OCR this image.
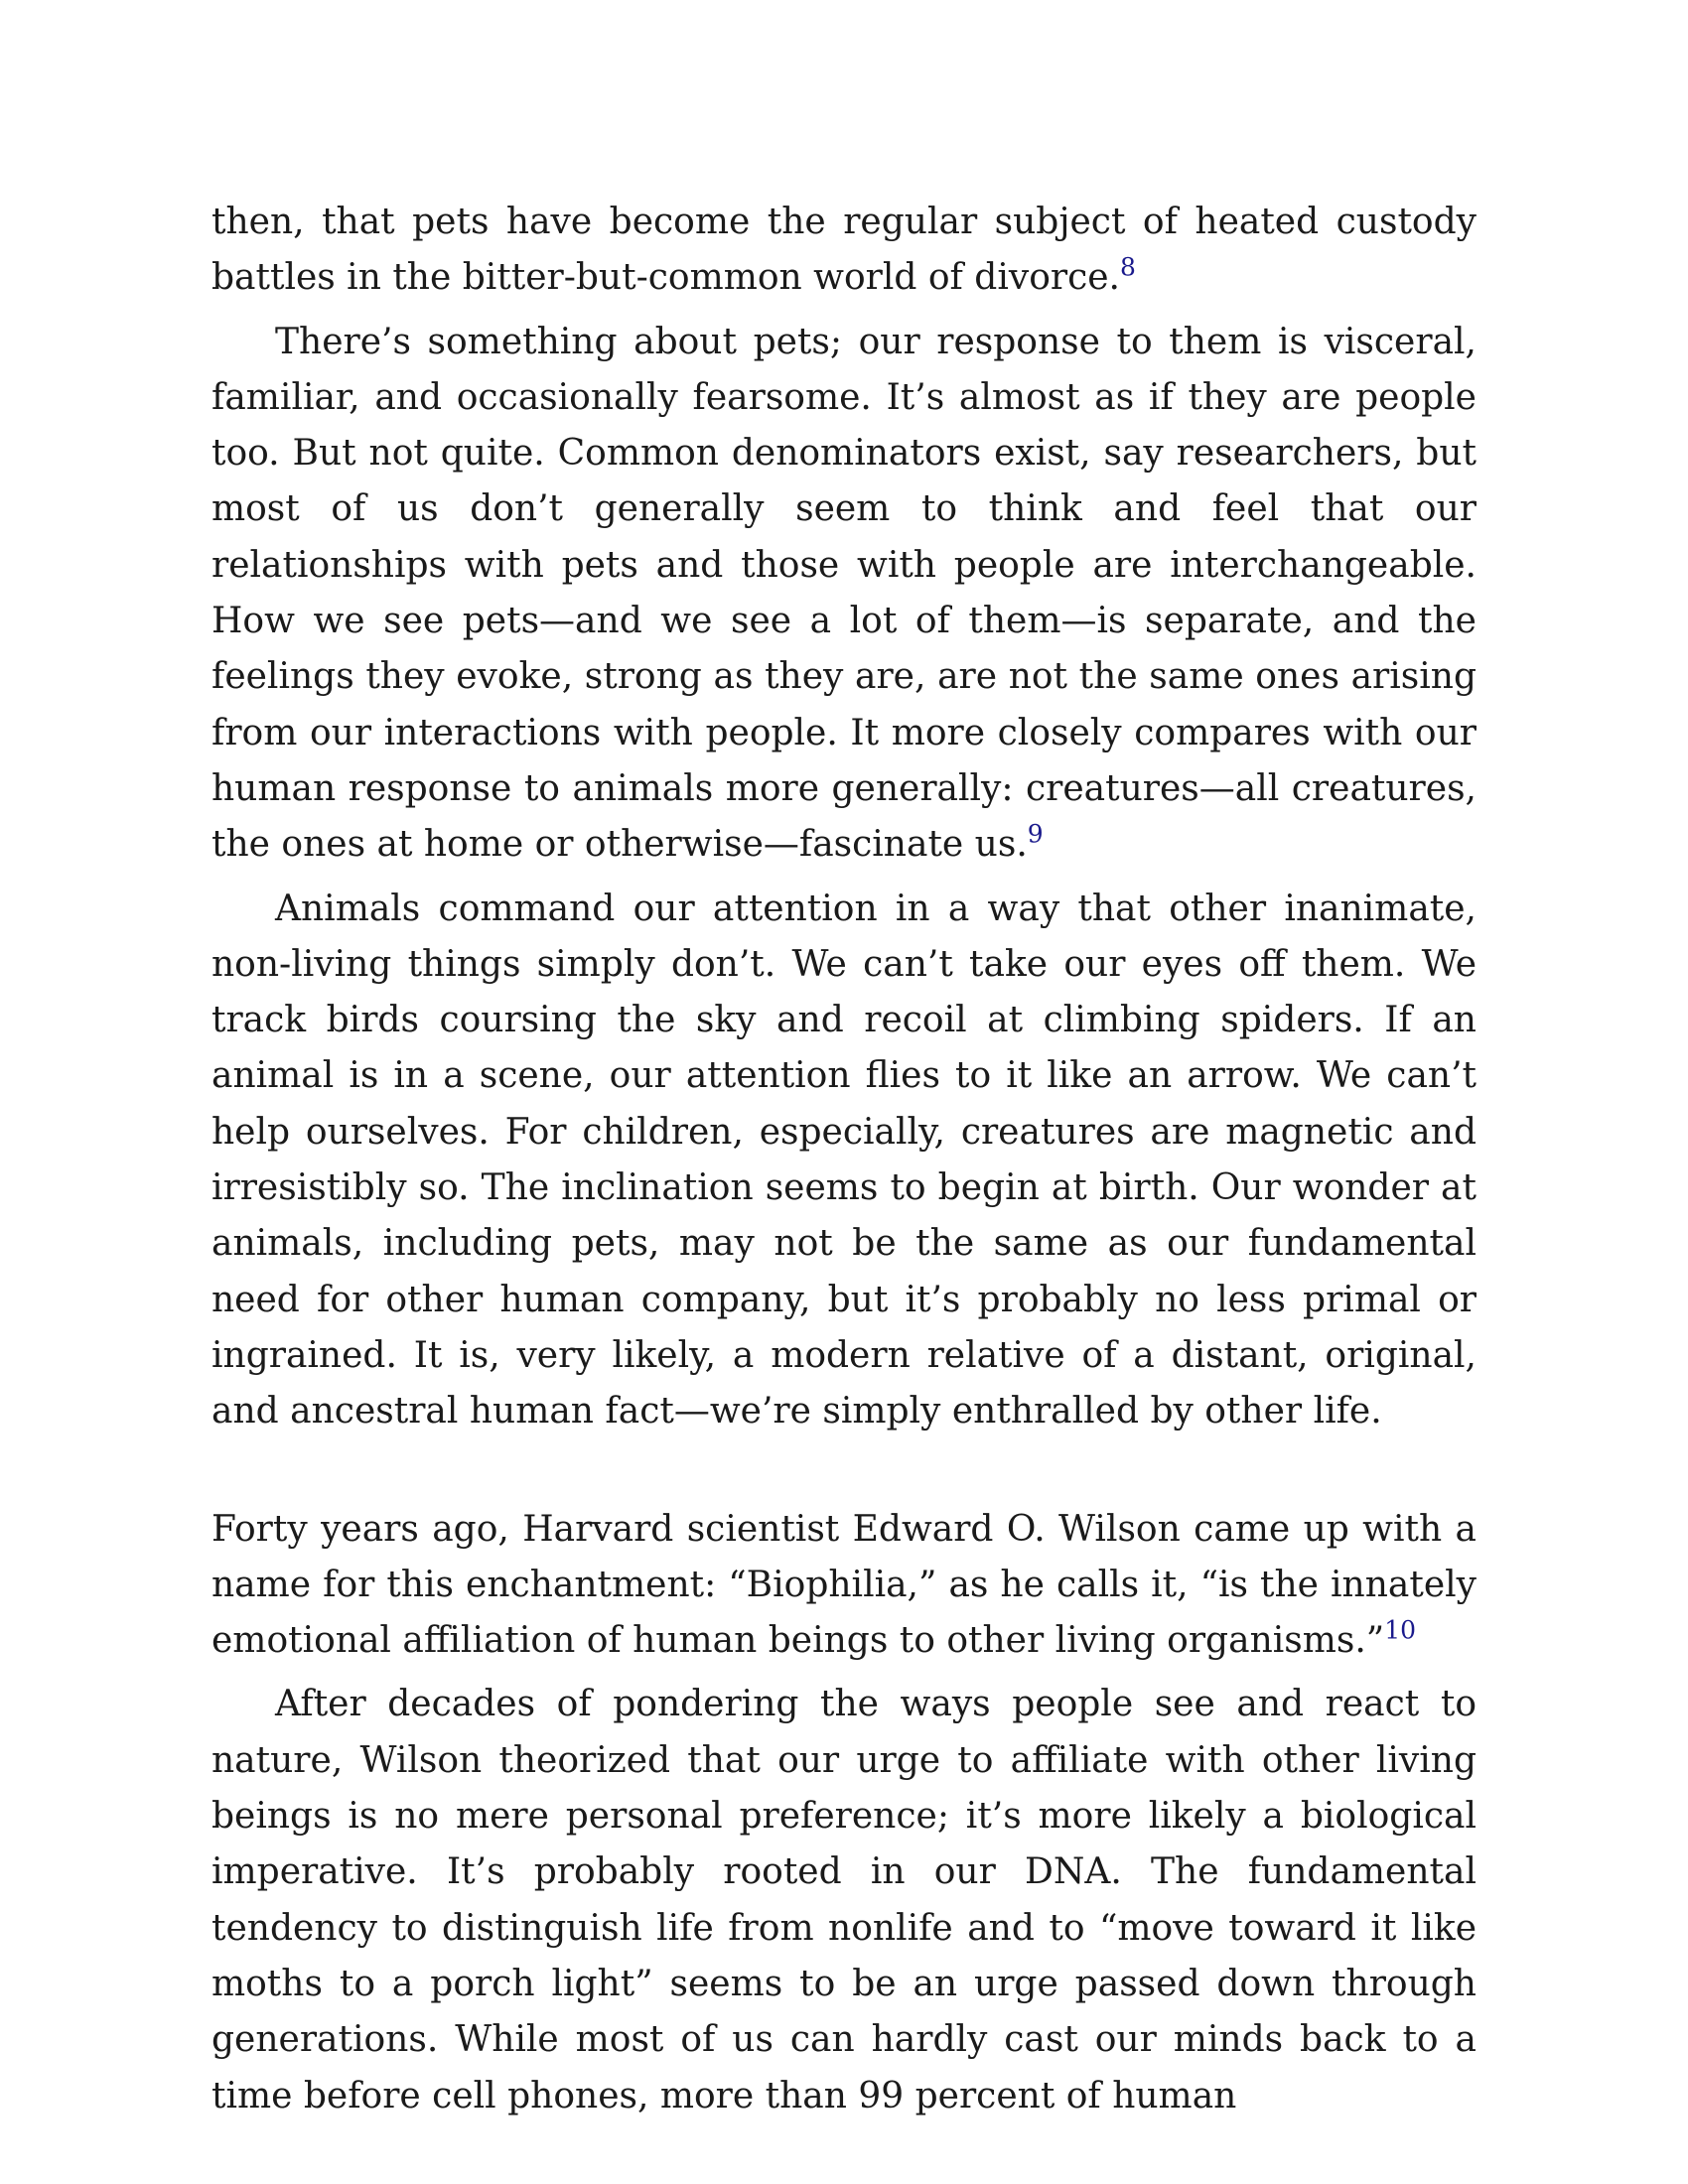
then, that pets have become the regular subject of heated custody battles in the bitter-but-common world of divorce.$^8$

There’s something about pets; our response to them is visceral, familiar, and occasionally fearsome. It’s almost as if they are people too. But not quite. Common denominators exist, say researchers, but most of us don’t generally seem to think and feel that our relationships with pets and those with people are interchangeable. How we see pets—and we see a lot of them—is separate, and the feelings they evoke, strong as they are, are not the same ones arising from our interactions with people. It more closely compares with our human response to animals more generally: creatures—all creatures, the ones at home or otherwise—fascinate us.$^9$

Animals command our attention in a way that other inanimate, non-living things simply don’t. We can’t take our eyes off them. We track birds coursing the sky and recoil at climbing spiders. If an animal is in a scene, our attention flies to it like an arrow. We can’t help ourselves. For children, especially, creatures are magnetic and irresistibly so. The inclination seems to begin at birth. Our wonder at animals, including pets, may not be the same as our fundamental need for other human company, but it’s probably no less primal or ingrained. It is, very likely, a modern relative of a distant, original, and ancestral human fact—we’re simply enthralled by other life.

Forty years ago, Harvard scientist Edward O. Wilson came up with a name for this enchantment: “Biophilia,” as he calls it, “is the innately emotional affiliation of human beings to other living organisms.”$^{10}$

After decades of pondering the ways people see and react to nature, Wilson theorized that our urge to affiliate with other living beings is no mere personal preference; it’s more likely a biological imperative. It’s probably rooted in our DNA. The fundamental tendency to distinguish life from nonlife and to “move toward it like moths to a porch light” seems to be an urge passed down through generations. While most of us can hardly cast our minds back to a time before cell phones, more than 99 percent of human
